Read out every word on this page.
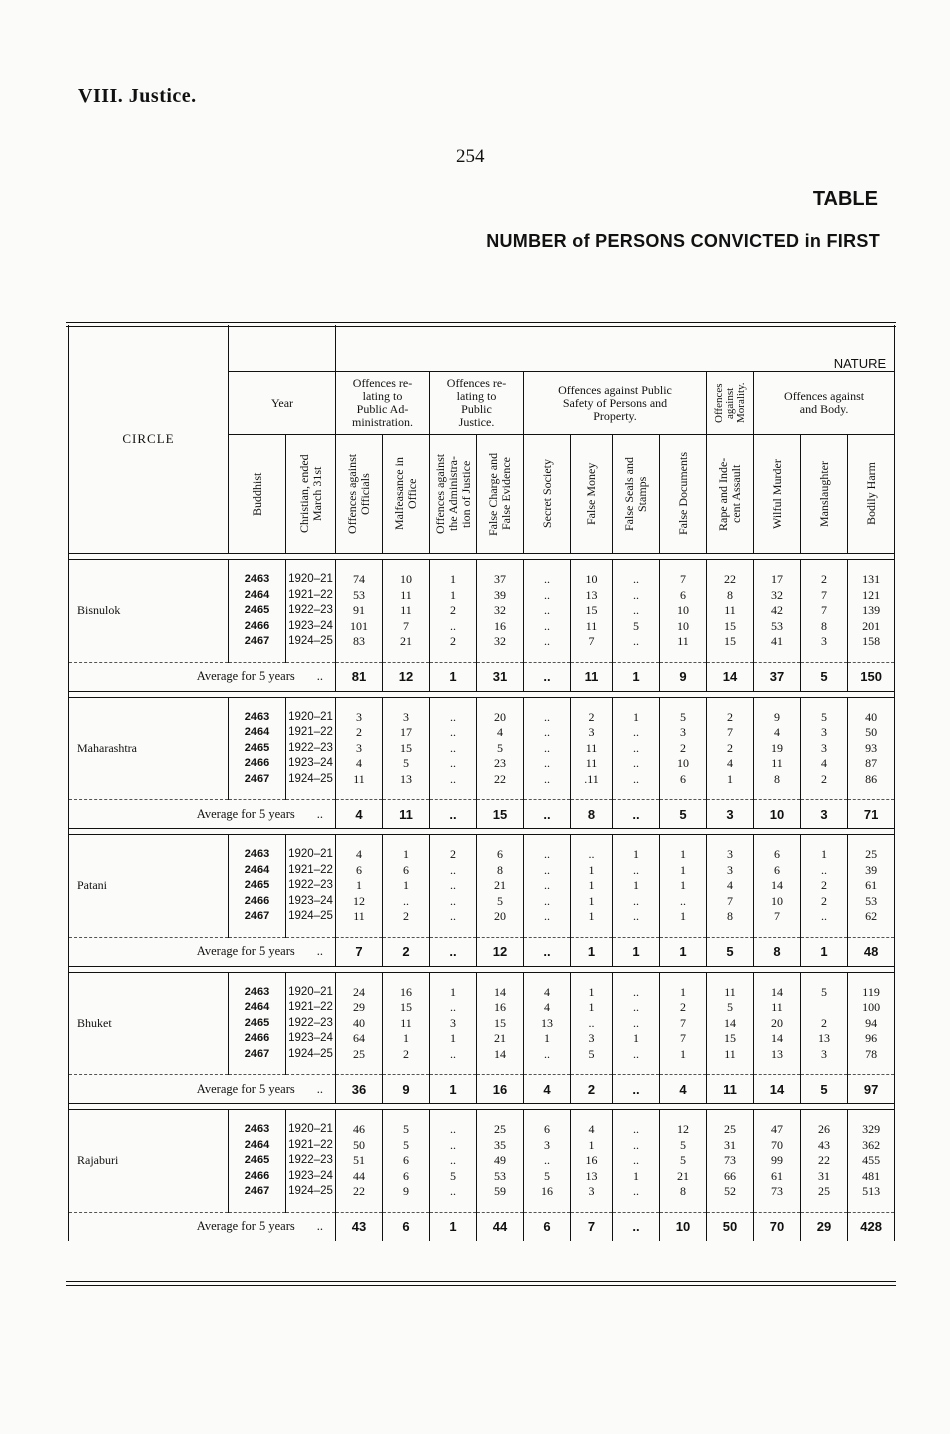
VIII. Justice.
254
TABLE
NUMBER of PERSONS CONVICTED in FIRST
CIRCLE			NATURE											
	Year		Offences re-
lating to
Public Ad-
ministration.		Offences re-
lating to
Public
Justice.		Offences against Public
Safety of Persons and
Property.				Offences
against
Morality.	Offences against
and Body.		

	Buddhist	Christian, ended
March 31st	Offences against
Officials	Malfeasance in
Office	Offences against
the Administra-
tion of Justice	False Charge and
False Evidence	Secret Society	False Money	False Seals and
Stamps	False Documents	Rape and Inde-
cent Assault	Wilful Murder	Manslaughter	Bodily Harm

Bisnulok	2463	1920–21	74	10	1	37	..	10	..	7	22	17	2	131
	2464	1921–22	53	11	1	39	..	13	..	6	8	32	7	121
	2465	1922–23	91	11	2	32	..	15	..	10	11	42	7	139
	2466	1923–24	101	7	..	16	..	11	5	10	15	53	8	201
	2467	1924–25	83	21	2	32	..	7	..	11	15	41	3	158

Average for 5 years ..			81	12	1	31	..	11	1	9	14	37	5	150

Maharashtra	2463	1920–21	3	3	..	20	..	2	1	5	2	9	5	40
	2464	1921–22	2	17	..	4	..	3	..	3	7	4	3	50
	2465	1922–23	3	15	..	5	..	11	..	2	2	19	3	93
	2466	1923–24	4	5	..	23	..	11	..	10	4	11	4	87
	2467	1924–25	11	13	..	22	..	.11	..	6	1	8	2	86

Average for 5 years ..			4	11	..	15	..	8	..	5	3	10	3	71

Patani	2463	1920–21	4	1	2	6	..	..	1	1	3	6	1	25
	2464	1921–22	6	6	..	8	..	1	..	1	3	6	..	39
	2465	1922–23	1	1	..	21	..	1	1	1	4	14	2	61
	2466	1923–24	12	..	..	5	..	1	..	..	7	10	2	53
	2467	1924–25	11	2	..	20	..	1	..	1	8	7	..	62

Average for 5 years ..			7	2	..	12	..	1	1	1	5	8	1	48

Bhuket	2463	1920–21	24	16	1	14	4	1	..	1	11	14	5	119
	2464	1921–22	29	15	..	16	4	1	..	2	5	11		100
	2465	1922–23	40	11	3	15	13	..	..	7	14	20	2	94
	2466	1923–24	64	1	1	21	1	3	1	7	15	14	13	96
	2467	1924–25	25	2	..	14	..	5	..	1	11	13	3	78

Average for 5 years ..			36	9	1	16	4	2	..	4	11	14	5	97

Rajaburi	2463	1920–21	46	5	..	25	6	4	..	12	25	47	26	329
	2464	1921–22	50	5	..	35	3	1	..	5	31	70	43	362
	2465	1922–23	51	6	..	49	..	16	..	5	73	99	22	455
	2466	1923–24	44	6	5	53	5	13	1	21	66	61	31	481
	2467	1924–25	22	9	..	59	16	3	..	8	52	73	25	513

Average for 5 years ..			43	6	1	44	6	7	..	10	50	70	29	428
